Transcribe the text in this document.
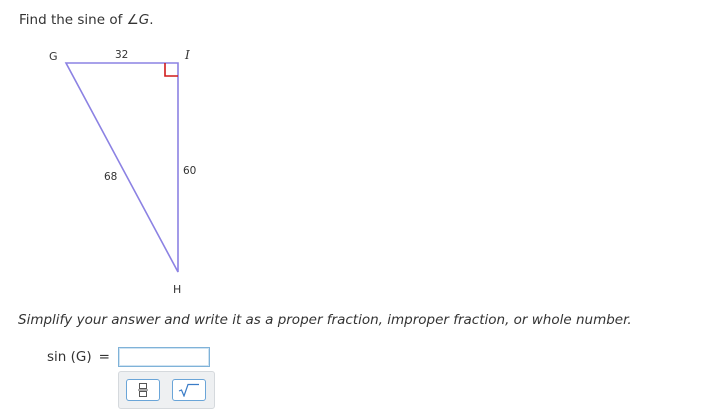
Find the sine of ∠G.
G	I
H
32
60
68
Simplify your answer and write it as a proper fraction, improper fraction, or whole number.
sin (G) =
